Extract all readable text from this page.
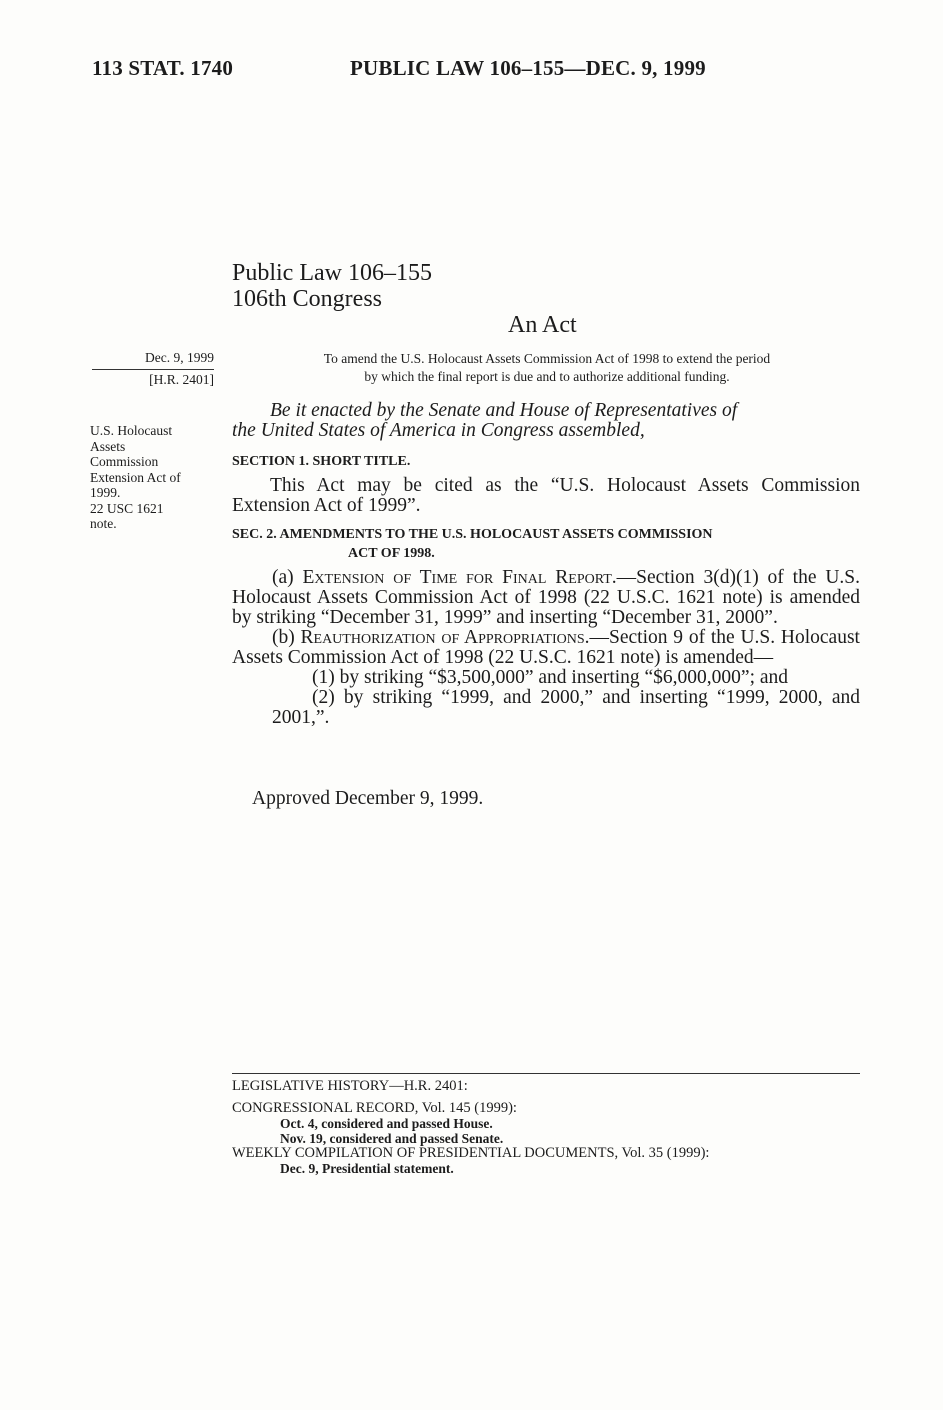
113 STAT. 1740	PUBLIC LAW 106–155—DEC. 9, 1999
Public Law 106–155
106th Congress
An Act
Dec. 9, 1999
[H.R. 2401]
U.S. Holocaust
Assets
Commission
Extension Act of
1999.
22 USC 1621
note.
To amend the U.S. Holocaust Assets Commission Act of 1998 to extend the period
by which the final report is due and to authorize additional funding.
Be it enacted by the Senate and House of Representatives of
the United States of America in Congress assembled,
SECTION 1. SHORT TITLE.
This Act may be cited as the “U.S. Holocaust Assets Commission Extension Act of 1999”.
SEC. 2. AMENDMENTS TO THE U.S. HOLOCAUST ASSETS COMMISSION
ACT OF 1998.
(a) Extension of Time for Final Report.—Section 3(d)(1) of the U.S. Holocaust Assets Commission Act of 1998 (22 U.S.C. 1621 note) is amended by striking “December 31, 1999” and inserting “December 31, 2000”.
(b) Reauthorization of Appropriations.—Section 9 of the U.S. Holocaust Assets Commission Act of 1998 (22 U.S.C. 1621 note) is amended—
(1) by striking “$3,500,000” and inserting “$6,000,000”; and
(2) by striking “1999, and 2000,” and inserting “1999, 2000, and 2001,”.
Approved December 9, 1999.
LEGISLATIVE HISTORY—H.R. 2401:
CONGRESSIONAL RECORD, Vol. 145 (1999):
Oct. 4, considered and passed House.
Nov. 19, considered and passed Senate.
WEEKLY COMPILATION OF PRESIDENTIAL DOCUMENTS, Vol. 35 (1999):
Dec. 9, Presidential statement.
